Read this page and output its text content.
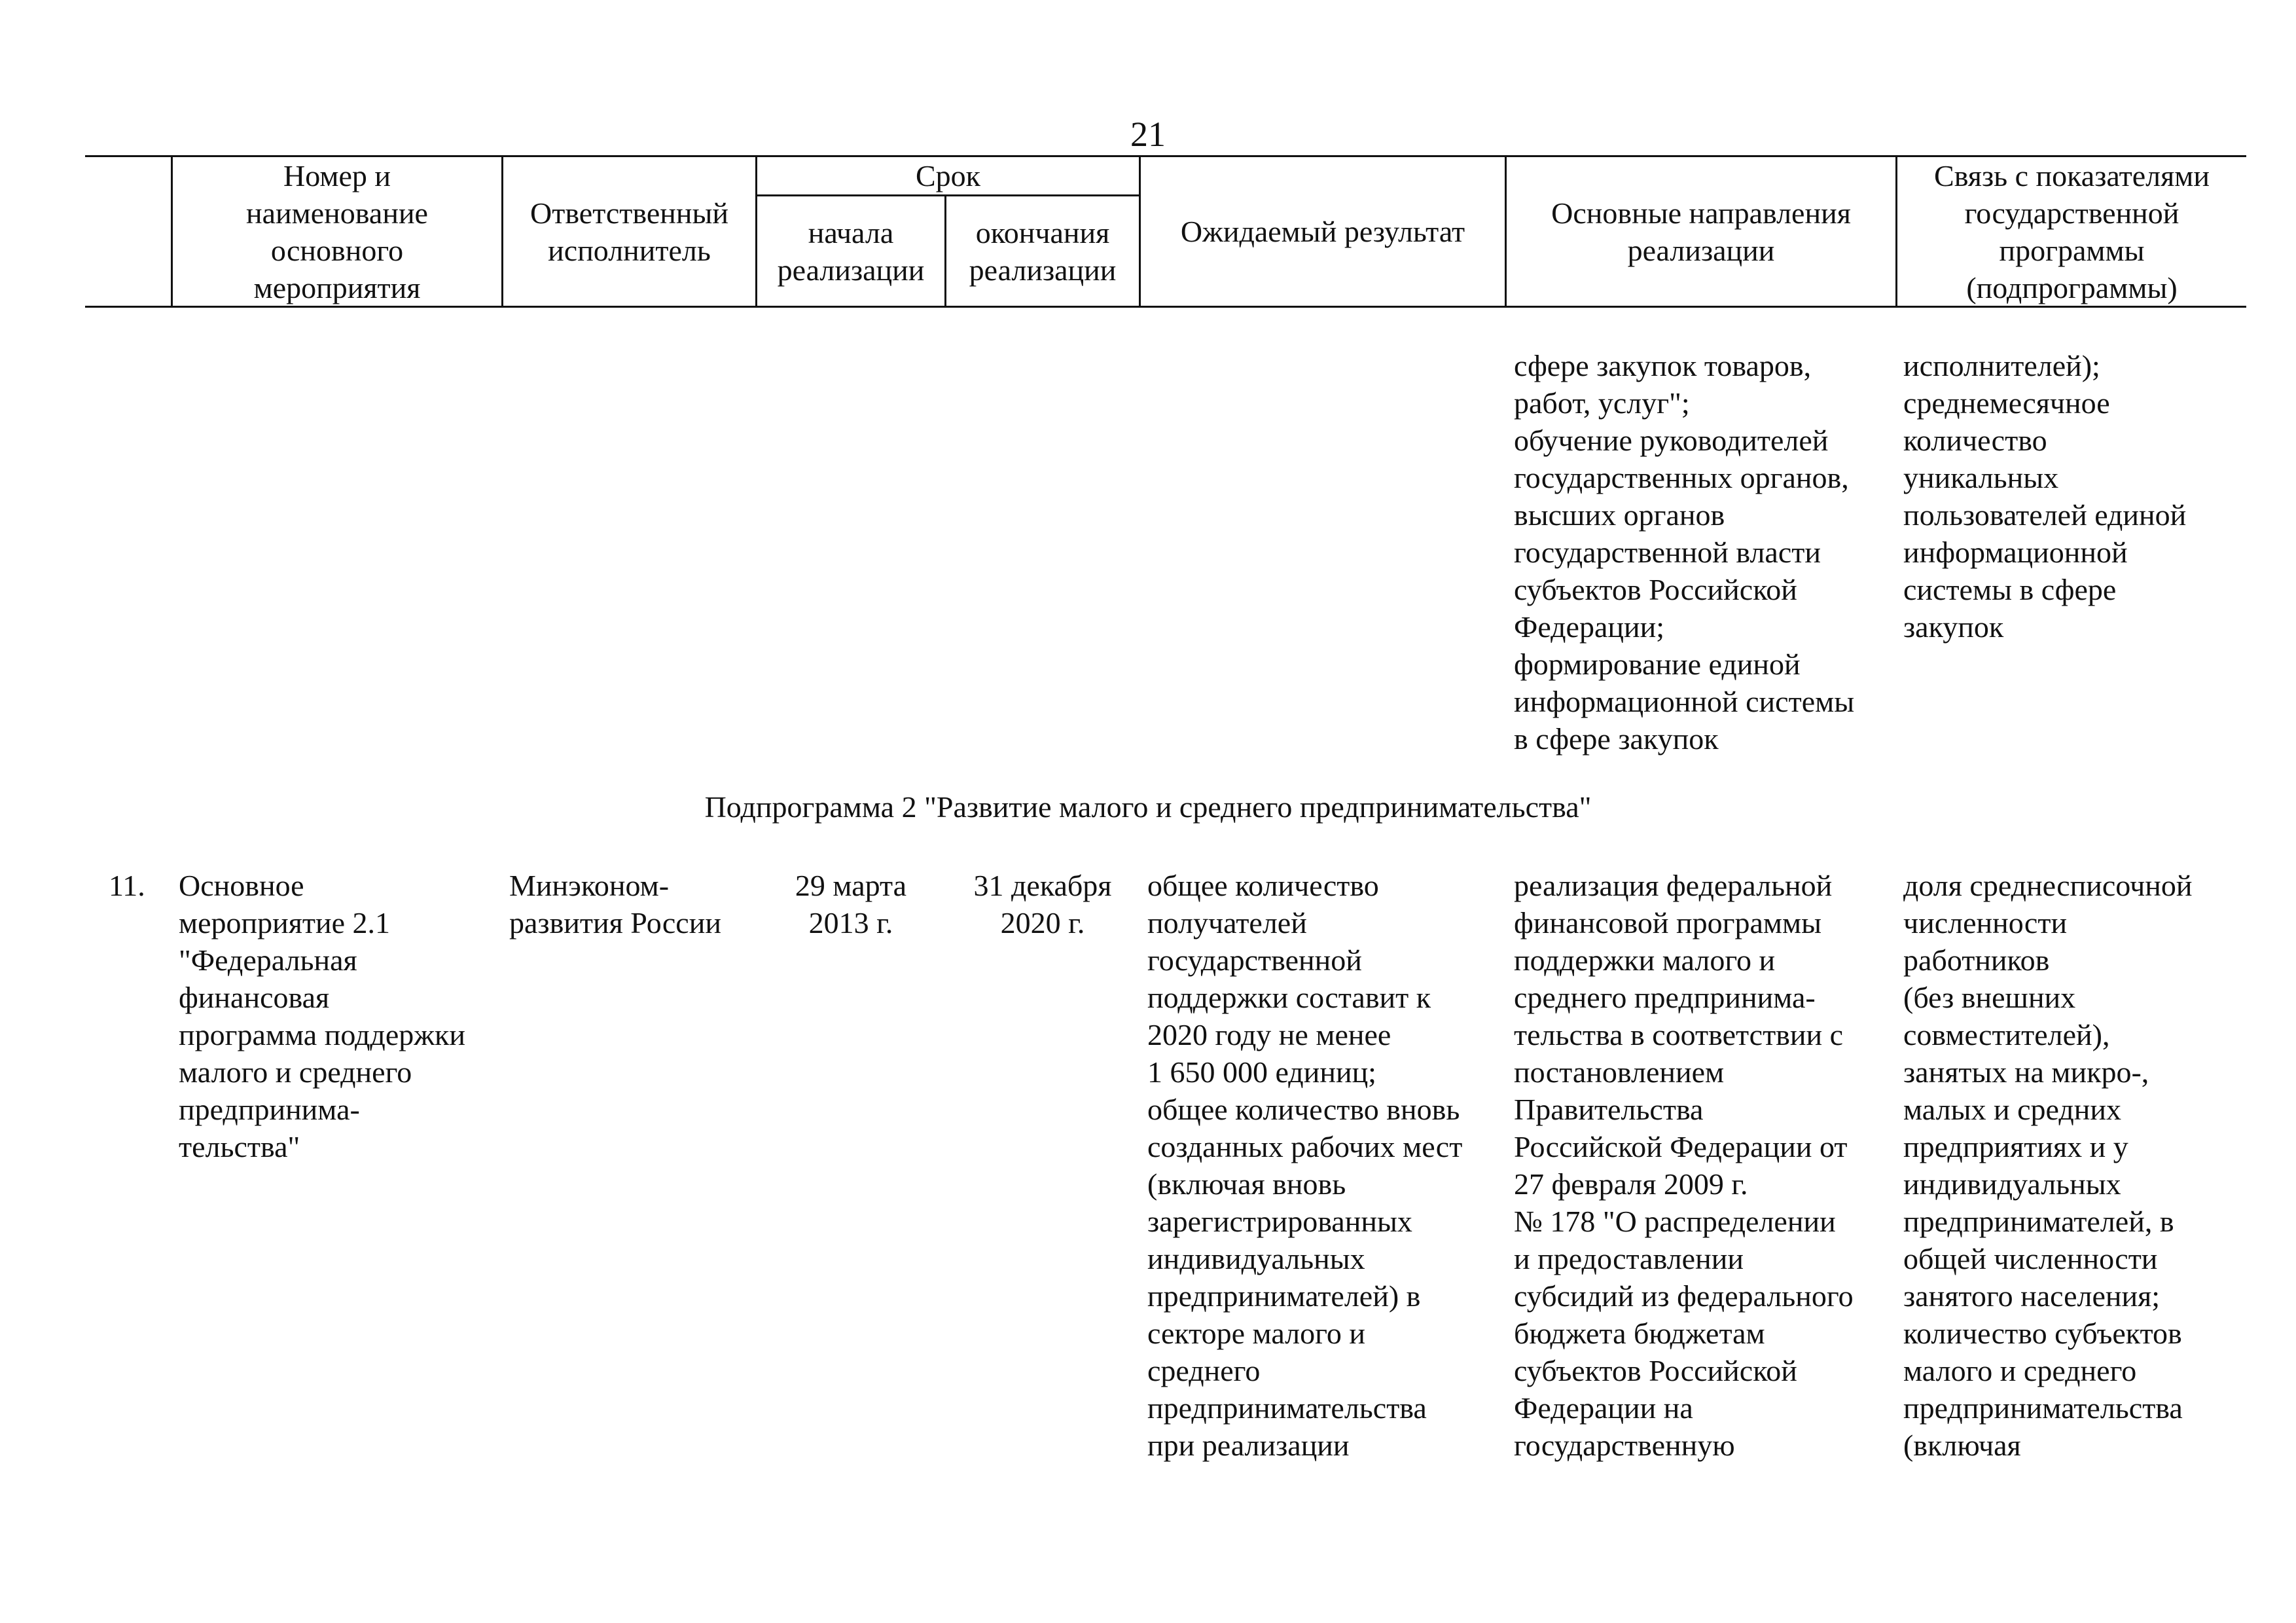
21
Номер и
наименование
основного
мероприятия
Ответственный
исполнитель
Срок
начала
реализации
окончания
реализации
Ожидаемый результат
Основные направления
реализации
Связь с показателями
государственной
программы
(подпрограммы)
сфере закупок товаров,
работ, услуг";
обучение руководителей
государственных органов,
высших органов
государственной власти
субъектов Российской
Федерации;
формирование единой
информационной системы
в сфере закупок
исполнителей);
среднемесячное
количество
уникальных
пользователей единой
информационной
системы в сфере
закупок
Подпрограмма 2 "Развитие малого и среднего предпринимательства"
11.	Основное
мероприятие 2.1
"Федеральная
финансовая
программа поддержки
малого и среднего
предпринима-
тельства"
Минэконом-
развития России
29 марта
2013 г.
31 декабря
2020 г.
общее количество
получателей
государственной
поддержки составит к
2020 году не менее
1 650 000 единиц;
общее количество вновь
созданных рабочих мест
(включая вновь
зарегистрированных
индивидуальных
предпринимателей) в
секторе малого и
среднего
предпринимательства
при реализации
реализация федеральной
финансовой программы
поддержки малого и
среднего предпринима-
тельства в соответствии с
постановлением
Правительства
Российской Федерации от
27 февраля 2009 г.
№ 178 "О распределении
и предоставлении
субсидий из федерального
бюджета бюджетам
субъектов Российской
Федерации на
государственную
доля среднесписочной
численности
работников
(без внешних
совместителей),
занятых на микро-,
малых и средних
предприятиях и у
индивидуальных
предпринимателей, в
общей численности
занятого населения;
количество субъектов
малого и среднего
предпринимательства
(включая
